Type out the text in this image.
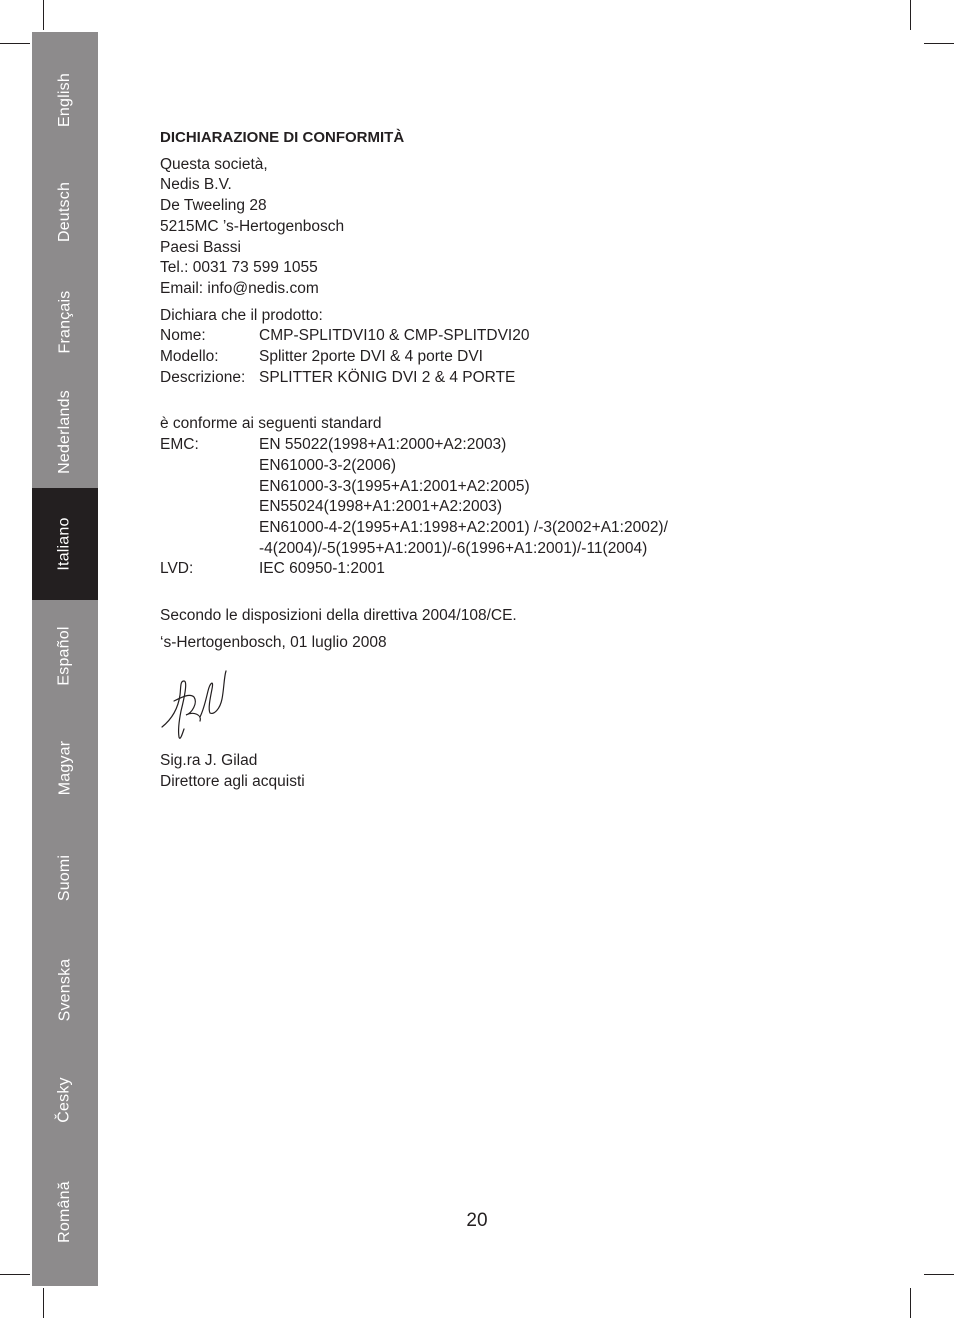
English
Deutsch
Français
Nederlands
Italiano
Español
Magyar
Suomi
Svenska
Česky
Română
DICHIARAZIONE DI CONFORMITÀ
Questa società,
Nedis B.V.
De Tweeling 28
5215MC ’s-Hertogenbosch
Paesi Bassi
Tel.: 0031 73 599 1055
Email: info@nedis.com
Dichiara che il prodotto:
Nome:	CMP-SPLITDVI10 & CMP-SPLITDVI20
Modello:	Splitter 2porte DVI & 4 porte DVI
Descrizione: SPLITTER KÖNIG DVI 2 & 4 PORTE
è conforme ai seguenti standard
EMC:	EN 55022(1998+A1:2000+A2:2003)
EN61000-3-2(2006)
EN61000-3-3(1995+A1:2001+A2:2005)
EN55024(1998+A1:2001+A2:2003)
EN61000-4-2(1995+A1:1998+A2:2001) /-3(2002+A1:2002)/
-4(2004)/-5(1995+A1:2001)/-6(1996+A1:2001)/-11(2004)
LVD:	IEC 60950-1:2001
Secondo le disposizioni della direttiva 2004/108/CE.
‘s-Hertogenbosch, 01 luglio 2008
Sig.ra J. Gilad
Direttore agli acquisti
20
